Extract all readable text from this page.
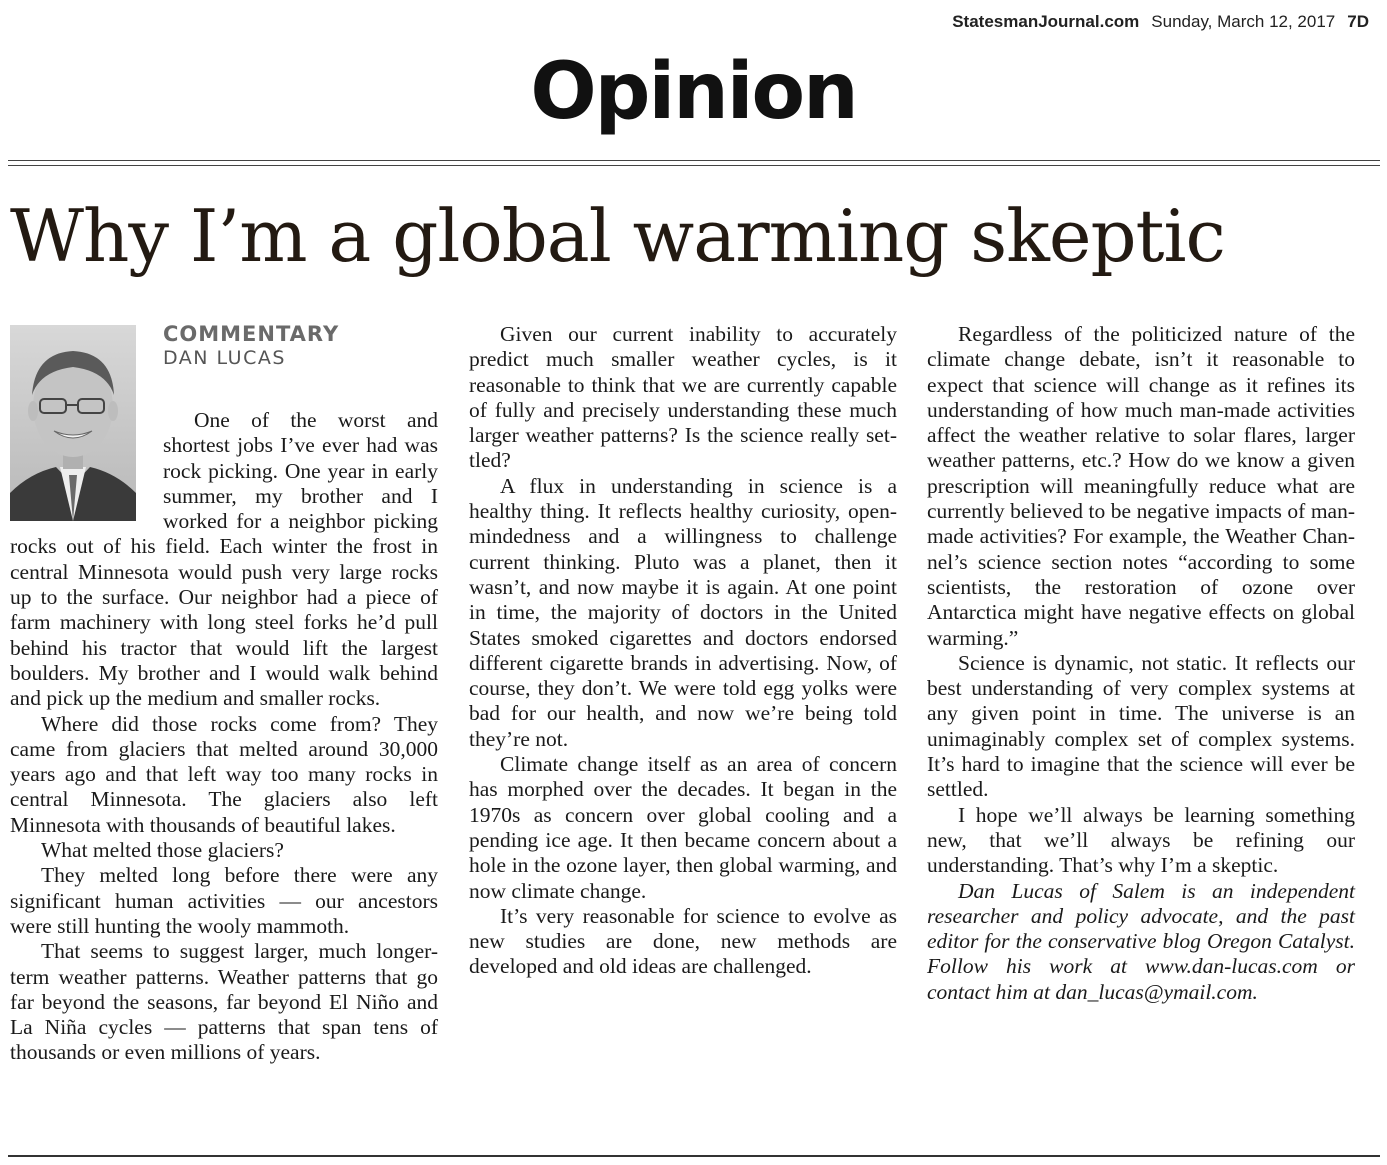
StatesmanJournal.com Sunday, March 12, 2017 7D
Opinion
Why I’m a global warming skeptic
COMMENTARY
DAN LUCAS

One of the worst and shortest jobs I’ve ever had was rock picking. One year in early summer, my brother and I worked for a neighbor picking rocks out of his field. Each winter the frost in central Minnesota would push very large rocks up to the surface. Our neighbor had a piece of farm machinery with long steel forks he’d pull behind his tractor that would lift the largest boulders. My brother and I would walk behind and pick up the medium and smaller rocks.

Where did those rocks come from? They came from glaciers that melted around 30,000 years ago and that left way too many rocks in central Minnesota. The glaciers also left Minnesota with thousands of beautiful lakes.

What melted those glaciers?

They melted long before there were any significant human activities — our ancestors were still hunting the wooly mammoth.

That seems to suggest larger, much longer-term weather patterns. Weather patterns that go far beyond the seasons, far beyond El Niño and La Niña cycles — patterns that span tens of thousands or even millions of years.

Given our current inability to accurately predict much smaller weather cycles, is it reasonable to think that we are currently capable of fully and precisely understanding these much larger weather patterns? Is the science really settled?

A flux in understanding in science is a healthy thing. It reflects healthy curiosity, open-mindedness and a willingness to challenge current thinking. Pluto was a planet, then it wasn’t, and now maybe it is again. At one point in time, the majority of doctors in the United States smoked cigarettes and doctors endorsed different cigarette brands in advertising. Now, of course, they don’t. We were told egg yolks were bad for our health, and now we’re being told they’re not.

Climate change itself as an area of concern has morphed over the decades. It began in the 1970s as concern over global cooling and a pending ice age. It then became concern about a hole in the ozone layer, then global warming, and now climate change.

It’s very reasonable for science to evolve as new studies are done, new methods are developed and old ideas are challenged.

Regardless of the politicized nature of the climate change debate, isn’t it reasonable to expect that science will change as it refines its understanding of how much man-made activities affect the weather relative to solar flares, larger weather patterns, etc.? How do we know a given prescription will meaningfully reduce what are currently believed to be negative impacts of man-made activities? For example, the Weather Channel’s science section notes “according to some scientists, the restoration of ozone over Antarctica might have negative effects on global warming.”

Science is dynamic, not static. It reflects our best understanding of very complex systems at any given point in time. The universe is an unimaginably complex set of complex systems. It’s hard to imagine that the science will ever be settled.

I hope we’ll always be learning something new, that we’ll always be refining our understanding. That’s why I’m a skeptic.

Dan Lucas of Salem is an independent researcher and policy advocate, and the past editor for the conservative blog Oregon Catalyst. Follow his work at www.dan-lucas.com or contact him at dan_lucas@ymail.com.
